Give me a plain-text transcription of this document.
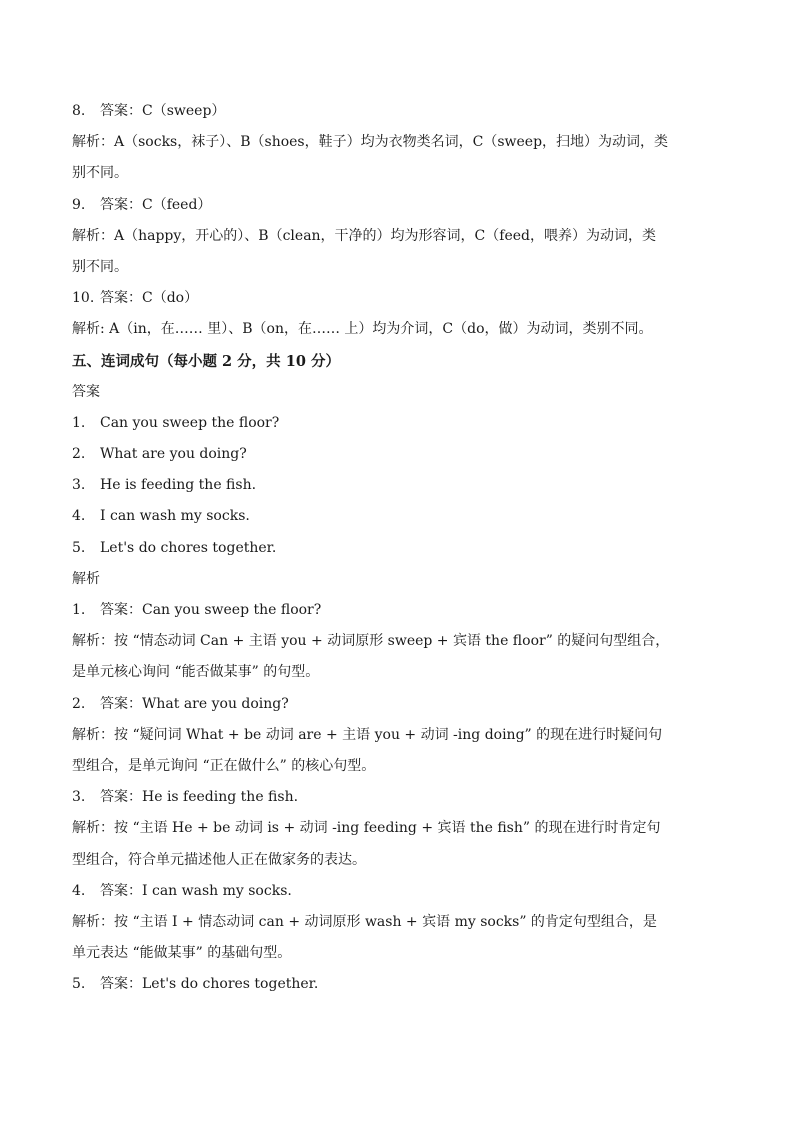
8. 答案：C（sweep）
解析：A（socks，袜子）、B（shoes，鞋子）均为衣物类名词，C（sweep，扫地）为动词，类
别不同。
9. 答案：C（feed）
解析：A（happy，开心的）、B（clean，干净的）均为形容词，C（feed，喂养）为动词，类
别不同。
10. 答案：C（do）
解析: A（in，在…… 里）、B（on，在…… 上）均为介词，C（do，做）为动词，类别不同。
五、连词成句（每小题 2 分，共 10 分）
答案
1. Can you sweep the floor?
2. What are you doing?
3. He is feeding the fish.
4. I can wash my socks.
5. Let's do chores together.
解析
1. 答案：Can you sweep the floor?
解析：按 “情态动词 Can + 主语 you + 动词原形 sweep + 宾语 the floor” 的疑问句型组合，
是单元核心询问 “能否做某事” 的句型。
2. 答案：What are you doing?
解析：按 “疑问词 What + be 动词 are + 主语 you + 动词 -ing doing” 的现在进行时疑问句
型组合，是单元询问 “正在做什么” 的核心句型。
3. 答案：He is feeding the fish.
解析：按 “主语 He + be 动词 is + 动词 -ing feeding + 宾语 the fish” 的现在进行时肯定句
型组合，符合单元描述他人正在做家务的表达。
4. 答案：I can wash my socks.
解析：按 “主语 I + 情态动词 can + 动词原形 wash + 宾语 my socks” 的肯定句型组合，是
单元表达 “能做某事” 的基础句型。
5. 答案：Let's do chores together.
